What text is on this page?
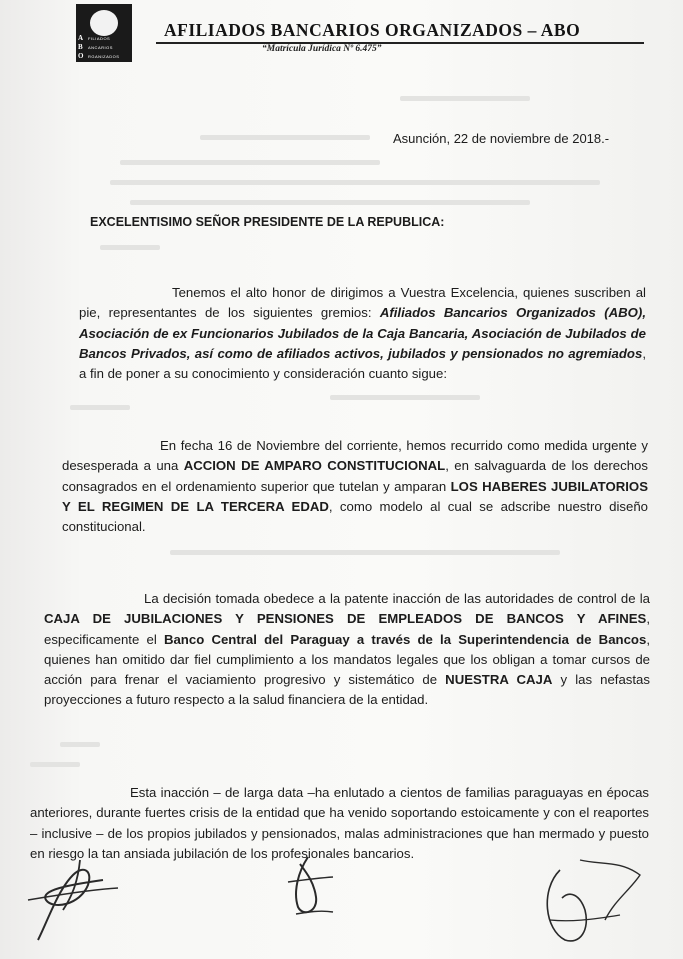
A
B
O
FILIADOS
ANCARIOS
RGANIZADOS
AFILIADOS BANCARIOS ORGANIZADOS – ABO
“Matrícula Jurídica Nº 6.475”
Asunción, 22 de noviembre de 2018.-
EXCELENTISIMO SEÑOR PRESIDENTE DE LA REPUBLICA:

Tenemos el alto honor de dirigimos a Vuestra Excelencia, quienes suscriben al pie, representantes de los siguientes gremios: Afiliados Bancarios Organizados (ABO), Asociación de ex Funcionarios Jubilados de la Caja Bancaria, Asociación de Jubilados de Bancos Privados, así como de afiliados activos, jubilados y pensionados no agremiados, a fin de poner a su conocimiento y consideración cuanto sigue:

En fecha 16 de Noviembre del corriente, hemos recurrido como medida urgente y desesperada a una ACCION DE AMPARO CONSTITUCIONAL, en salvaguarda de los derechos consagrados en el ordenamiento superior que tutelan y amparan LOS HABERES JUBILATORIOS Y EL REGIMEN DE LA TERCERA EDAD, como modelo al cual se adscribe nuestro diseño constitucional.

La decisión tomada obedece a la patente inacción de las autoridades de control de la CAJA DE JUBILACIONES Y PENSIONES DE EMPLEADOS DE BANCOS Y AFINES, especificamente el Banco Central del Paraguay a través de la Superintendencia de Bancos, quienes han omitido dar fiel cumplimiento a los mandatos legales que los obligan a tomar cursos de acción para frenar el vaciamiento progresivo y sistemático de NUESTRA CAJA y las nefastas proyecciones a futuro respecto a la salud financiera de la entidad.

Esta inacción – de larga data –ha enlutado a cientos de familias paraguayas en épocas anteriores, durante fuertes crisis de la entidad que ha venido soportando estoicamente y con el reaportes – inclusive – de los propios jubilados y pensionados, malas administraciones que han mermado y puesto en riesgo la tan ansiada jubilación de los profesionales bancarios.
